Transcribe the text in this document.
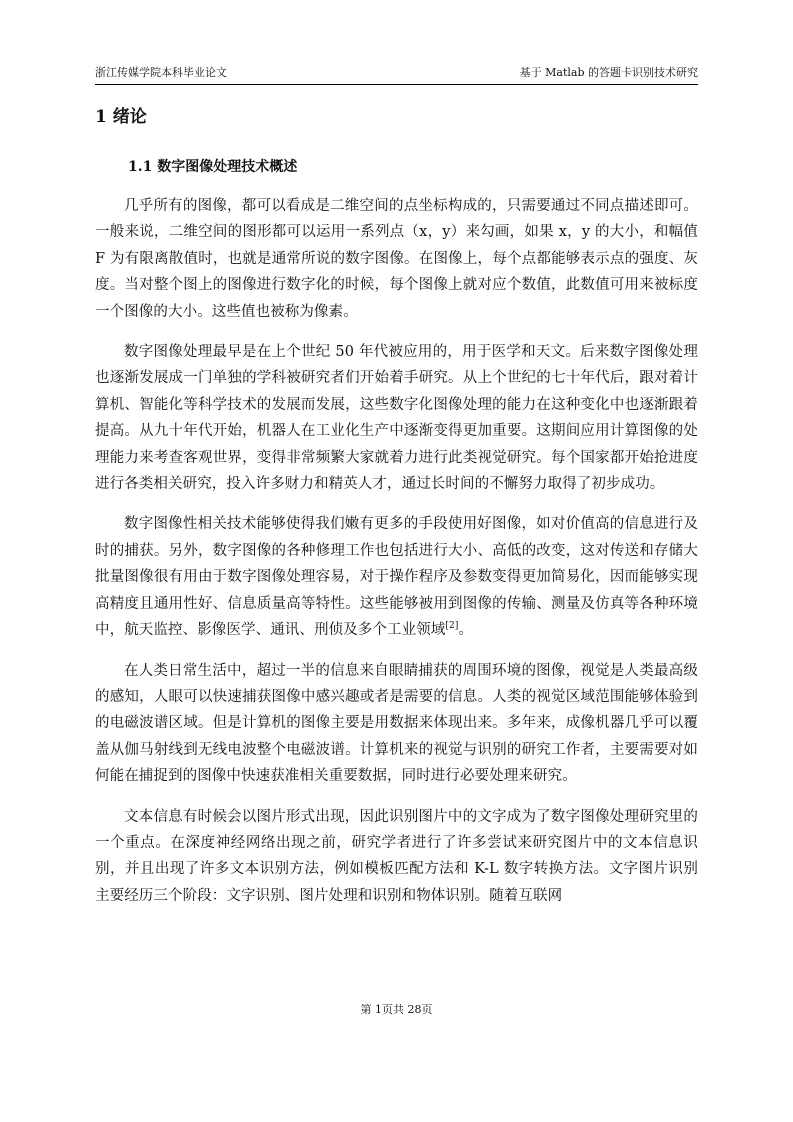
浙江传媒学院本科毕业论文	基于 Matlab 的答题卡识别技术研究
1 绪论
1.1 数字图像处理技术概述

几乎所有的图像，都可以看成是二维空间的点坐标构成的，只需要通过不同点描述即可。一般来说，二维空间的图形都可以运用一系列点（x，y）来勾画，如果 x，y 的大小，和幅值 F 为有限离散值时，也就是通常所说的数字图像。在图像上，每个点都能够表示点的强度、灰度。当对整个图上的图像进行数字化的时候，每个图像上就对应个数值，此数值可用来被标度一个图像的大小。这些值也被称为像素。

数字图像处理最早是在上个世纪 50 年代被应用的，用于医学和天文。后来数字图像处理也逐渐发展成一门单独的学科被研究者们开始着手研究。从上个世纪的七十年代后，跟对着计算机、智能化等科学技术的发展而发展，这些数字化图像处理的能力在这种变化中也逐渐跟着提高。从九十年代开始，机器人在工业化生产中逐渐变得更加重要。这期间应用计算图像的处理能力来考查客观世界，变得非常频繁大家就着力进行此类视觉研究。每个国家都开始抢进度进行各类相关研究，投入许多财力和精英人才，通过长时间的不懈努力取得了初步成功。

数字图像性相关技术能够使得我们嫩有更多的手段使用好图像，如对价值高的信息进行及时的捕获。另外，数字图像的各种修理工作也包括进行大小、高低的改变，这对传送和存储大批量图像很有用由于数字图像处理容易，对于操作程序及参数变得更加简易化，因而能够实现高精度且通用性好、信息质量高等特性。这些能够被用到图像的传输、测量及仿真等各种环境中，航天监控、影像医学、通讯、刑侦及多个工业领域[2]。

在人类日常生活中，超过一半的信息来自眼睛捕获的周围环境的图像，视觉是人类最高级的感知，人眼可以快速捕获图像中感兴趣或者是需要的信息。人类的视觉区域范围能够体验到的电磁波谱区域。但是计算机的图像主要是用数据来体现出来。多年来，成像机器几乎可以覆盖从伽马射线到无线电波整个电磁波谱。计算机来的视觉与识别的研究工作者，主要需要对如何能在捕捉到的图像中快速获准相关重要数据，同时进行必要处理来研究。

文本信息有时候会以图片形式出现，因此识别图片中的文字成为了数字图像处理研究里的一个重点。在深度神经网络出现之前，研究学者进行了许多尝试来研究图片中的文本信息识别，并且出现了许多文本识别方法，例如模板匹配方法和 K-L 数字转换方法。文字图片识别主要经历三个阶段：文字识别、图片处理和识别和物体识别。随着互联网

第 1页共 28页
